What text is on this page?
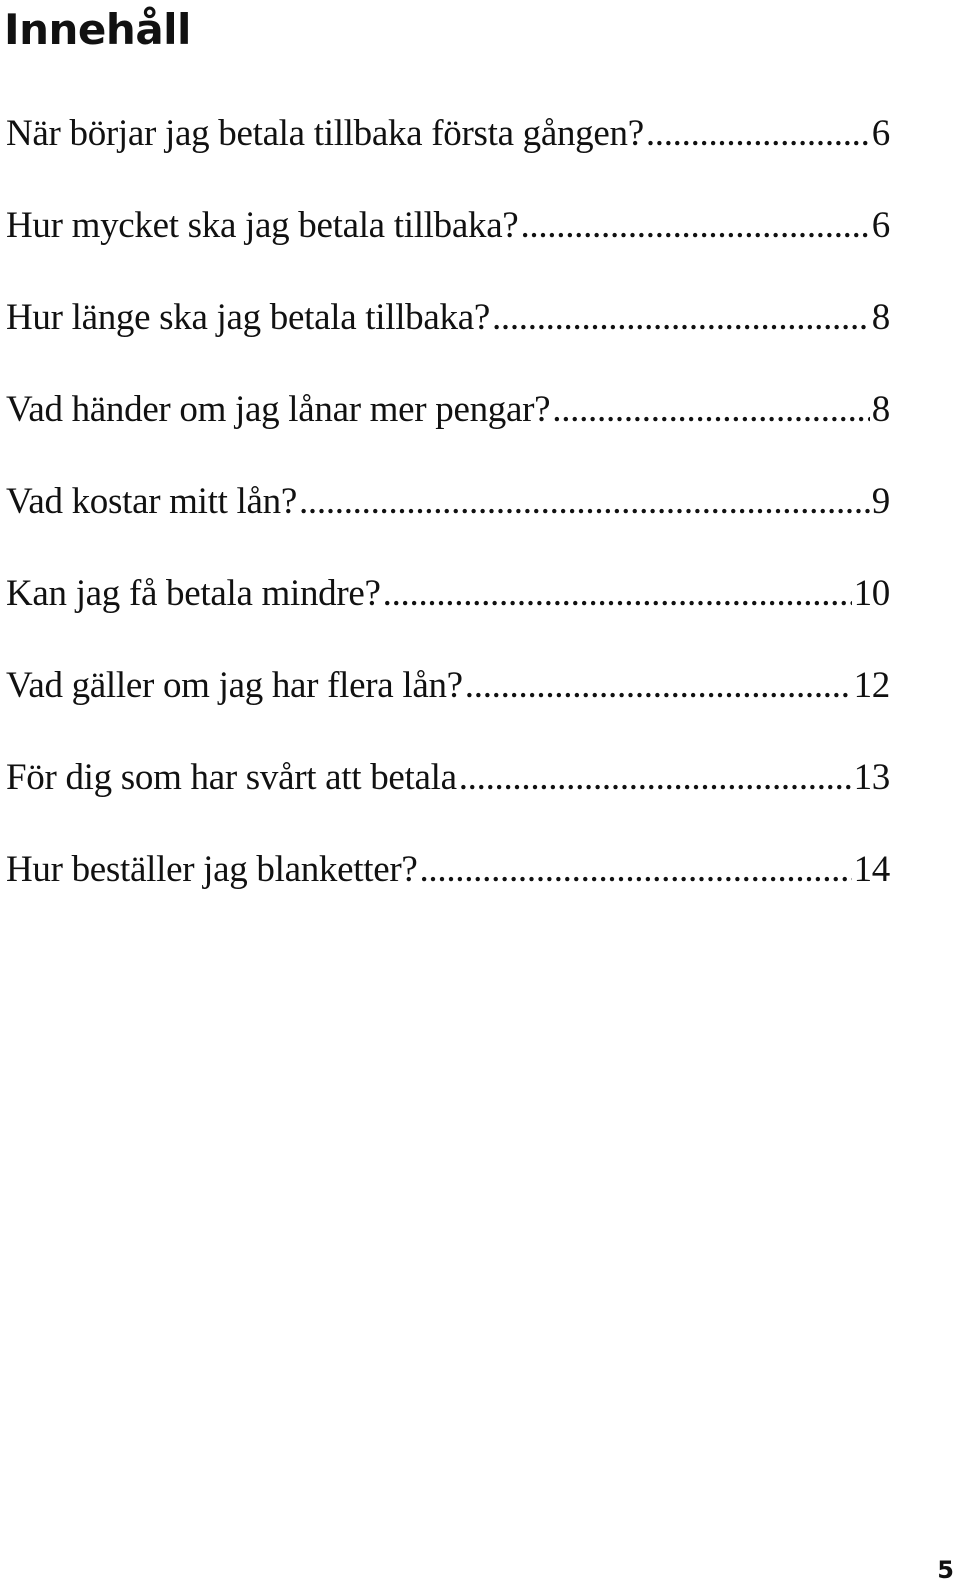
Innehåll
När börjar jag betala tillbaka första gången? .....	6
Hur mycket ska jag betala tillbaka? .....	6
Hur länge ska jag betala tillbaka? .....	8
Vad händer om jag lånar mer pengar? .....	8
Vad kostar mitt lån? .....	9
Kan jag få betala mindre? .....	10
Vad gäller om jag har flera lån? .....	12
För dig som har svårt att betala .....	13
Hur beställer jag blanketter? .....	14
5
